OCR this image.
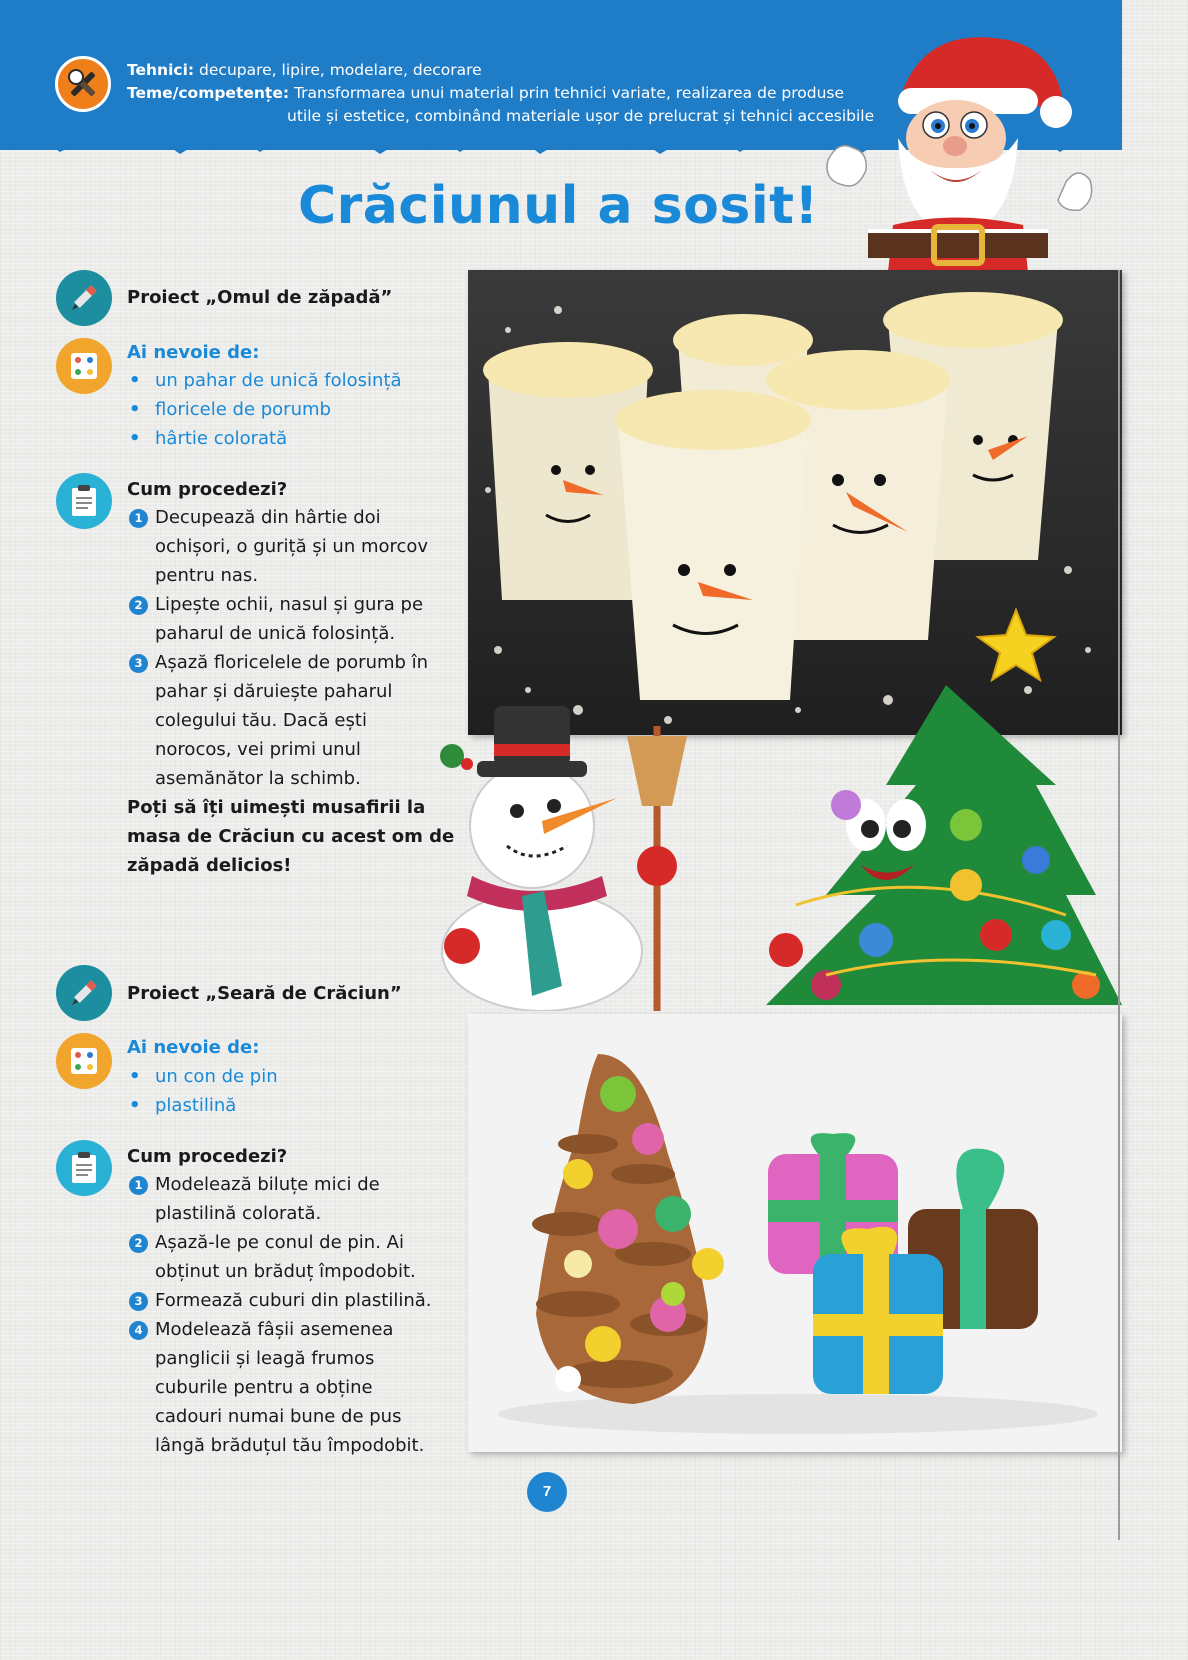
Tehnici: decupare, lipire, modelare, decorare
Teme/competențe: Transformarea unui material prin tehnici variate, realizarea de produse
utile și estetice, combinând materiale ușor de prelucrat și tehnici accesibile
Crăciunul a sosit!
Proiect „Omul de zăpadă”
Ai nevoie de:
• un pahar de unică folosință
• floricele de porumb
• hârtie colorată
Cum procedezi?
1 Decupează din hârtie doi
ochișori, o guriță și un morcov
pentru nas.
2 Lipește ochii, nasul și gura pe
paharul de unică folosință.
3 Așază floricelele de porumb în
pahar și dăruiește paharul
colegului tău. Dacă ești
norocos, vei primi unul
asemănător la schimb.
Poți să îți uimești musafirii la
masa de Crăciun cu acest om de
zăpadă delicios!
Proiect „Seară de Crăciun”
Ai nevoie de:
• un con de pin
• plastilină
Cum procedezi?
1 Modelează biluțe mici de
plastilină colorată.
2 Așază-le pe conul de pin. Ai
obținut un brăduț împodobit.
3 Formează cuburi din plastilină.
4 Modelează fâșii asemenea
panglicii și leagă frumos
cuburile pentru a obține
cadouri numai bune de pus
lângă brăduțul tău împodobit.
7
